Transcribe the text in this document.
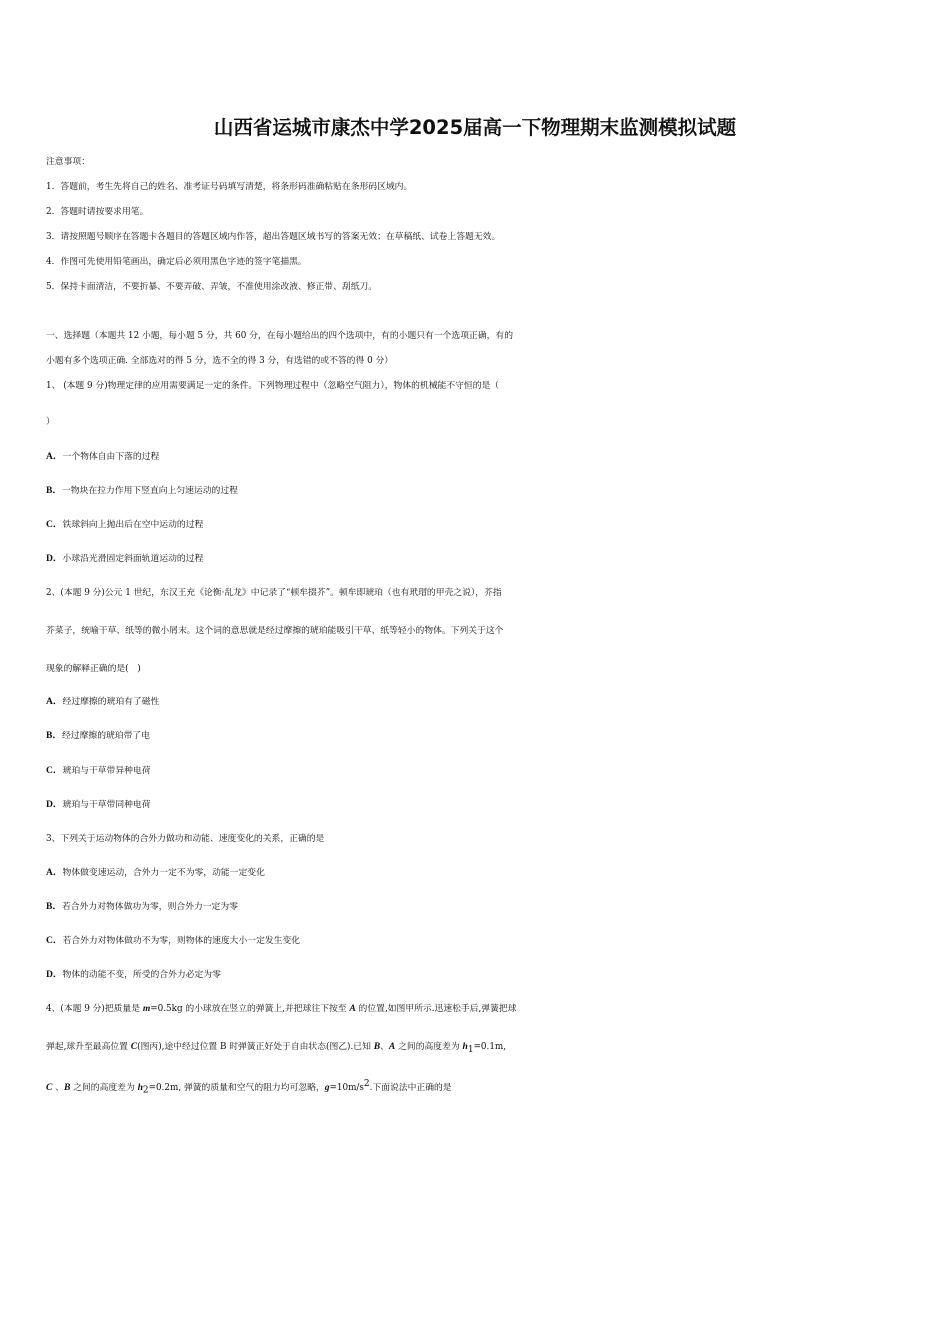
山西省运城市康杰中学2025届高一下物理期末监测模拟试题
注意事项：
1．答题前，考生先将自己的姓名、准考证号码填写清楚，将条形码准确粘贴在条形码区域内。
2．答题时请按要求用笔。
3．请按照题号顺序在答题卡各题目的答题区域内作答，超出答题区域书写的答案无效；在草稿纸、试卷上答题无效。
4．作图可先使用铅笔画出，确定后必须用黑色字迹的签字笔描黑。
5．保持卡面清洁，不要折暴、不要弄破、弄皱，不准使用涂改液、修正带、刮纸刀。
一、选择题（本题共 12 小题，每小题 5 分，共 60 分，在每小题给出的四个选项中，有的小题只有一个选项正确，有的
小题有多个选项正确. 全部选对的得 5 分，选不全的得 3 分，有选错的或不答的得 0 分）
1、 (本题 9 分)物理定律的应用需要满足一定的条件。下列物理过程中（忽略空气阻力），物体的机械能不守恒的是（
）
A．一个物体自由下落的过程
B．一物块在拉力作用下竖直向上匀速运动的过程
C．铁球斜向上抛出后在空中运动的过程
D．小球沿光滑固定斜面轨道运动的过程
2、(本题 9 分)公元 1 世纪，东汉王充《论衡·乱龙》中记录了“顿牟掇芥”。顿牟即琥珀（也有玳瑁的甲壳之说），芥指
芥菜子，统喻干草、纸等的微小屑末。这个词的意思就是经过摩擦的琥珀能吸引干草、纸等轻小的物体。下列关于这个
现象的解释正确的是(　)
A．经过摩擦的琥珀有了磁性
B．经过摩擦的琥珀带了电
C．琥珀与干草带异种电荷
D．琥珀与干草带同种电荷
3、下列关于运动物体的合外力做功和动能、速度变化的关系，正确的是
A．物体做变速运动，合外力一定不为零，动能一定变化
B．若合外力对物体做功为零，则合外力一定为零
C．若合外力对物体做功不为零，则物体的速度大小一定发生变化
D．物体的动能不变，所受的合外力必定为零
4、(本题 9 分)把质量是 m=0.5kg 的小球放在竖立的弹簧上,并把球往下按至 A 的位置,如图甲所示.迅速松手后,弹簧把球
弹起,球升至最高位置 C(图丙),途中经过位置 B 时弹簧正好处于自由状态(图乙).已知 B、A 之间的高度差为 $h_1=0.1m$,
C 、B 之间的高度差为 $h_2=0.2m$, 弹簧的质量和空气的阻力均可忽略，$g=10m/s^2$.下面说法中正确的是
